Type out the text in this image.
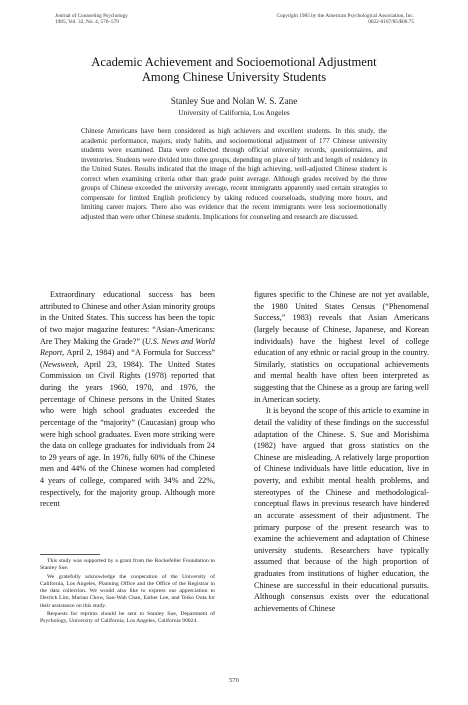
Journal of Counseling Psychology
1985, Vol. 32, No. 4, 570–579
Copyright 1985 by the American Psychological Association, Inc.
0022-0167/85/$00.75
Academic Achievement and Socioemotional Adjustment
Among Chinese University Students
Stanley Sue and Nolan W. S. Zane
University of California, Los Angeles
Chinese Americans have been considered as high achievers and excellent students. In this study, the academic performance, majors, study habits, and socioemotional adjustment of 177 Chinese university students were examined. Data were collected through official university records, questionnaires, and inventories. Students were divided into three groups, depending on place of birth and length of residency in the United States. Results indicated that the image of the high achieving, well-adjusted Chinese student is correct when examining criteria other than grade point average. Although grades received by the three groups of Chinese exceeded the university average, recent immigrants apparently used certain strategies to compensate for limited English proficiency by taking reduced courseloads, studying more hours, and limiting career majors. There also was evidence that the recent immigrants were less socioemotionally adjusted than were other Chinese students. Implications for counseling and research are discussed.

Extraordinary educational success has been attributed to Chinese and other Asian minority groups in the United States. This success has been the topic of two major magazine features: “Asian-Americans: Are They Making the Grade?” (U.S. News and World Report, April 2, 1984) and “A Formula for Success” (Newsweek, April 23, 1984). The United States Commission on Civil Rights (1978) reported that during the years 1960, 1970, and 1976, the percentage of Chinese persons in the United States who were high school graduates exceeded the percentage of the “majority” (Caucasian) group who were high school graduates. Even more striking were the data on college graduates for individuals from 24 to 29 years of age. In 1976, fully 60% of the Chinese men and 44% of the Chinese women had completed 4 years of college, compared with 34% and 22%, respectively, for the majority group. Although more recent

figures specific to the Chinese are not yet available, the 1980 United States Census (“Phenomenal Success,” 1983) reveals that Asian Americans (largely because of Chinese, Japanese, and Korean individuals) have the highest level of college education of any ethnic or racial group in the country. Similarly, statistics on occupational achievements and mental health have often been interpreted as suggesting that the Chinese as a group are faring well in American society.

It is beyond the scope of this article to examine in detail the validity of these findings on the successful adaptation of the Chinese. S. Sue and Morishima (1982) have argued that gross statistics on the Chinese are misleading. A relatively large proportion of Chinese individuals have little education, live in poverty, and exhibit mental health problems, and stereotypes of the Chinese and methodological-conceptual flaws in previous research have hindered an accurate assessment of their adjustment. The primary purpose of the present research was to examine the achievement and adaptation of Chinese university students. Researchers have typically assumed that because of the high proportion of graduates from institutions of higher education, the Chinese are successful in their educational pursuits. Although consensus exists over the educational achievements of Chinese

This study was supported by a grant from the Rockefeller Foundation to Stanley Sue.

We gratefully acknowledge the cooperation of the University of California, Los Angeles, Planning Office and the Office of the Registrar in the data collection. We would also like to express our appreciation to Derrick Lim, Marian Chow, Sau-Wah Chan, Esther Lee, and Teiko Oota for their assistance on this study.

Requests for reprints should be sent to Stanley Sue, Department of Psychology, University of California, Los Angeles, California 90024.

570
